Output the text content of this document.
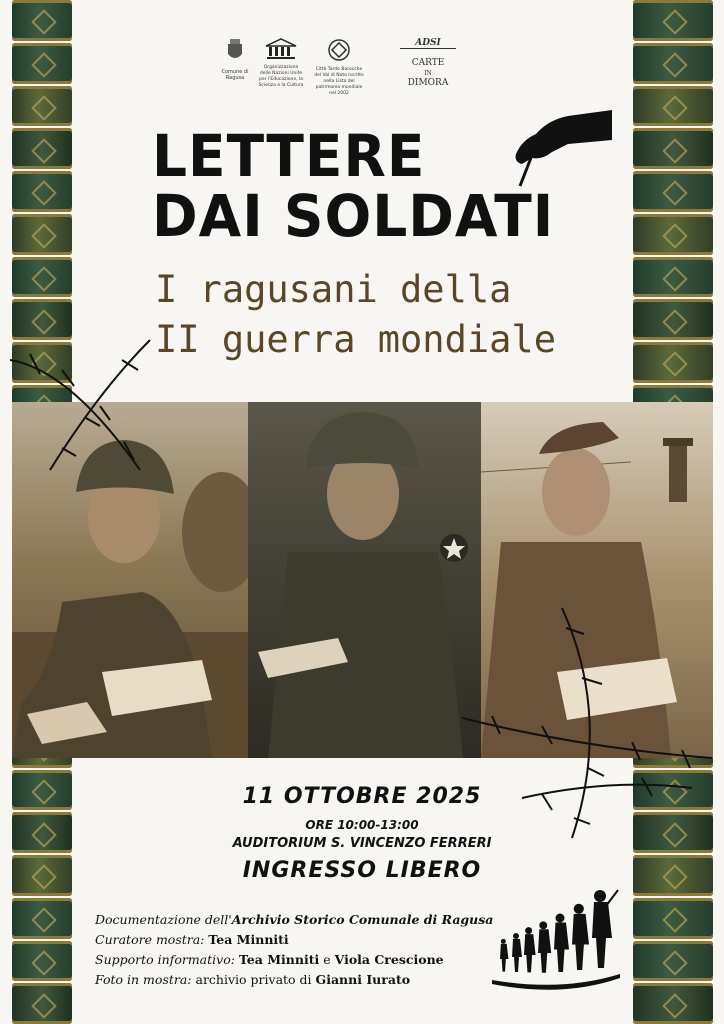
Comune di Ragusa
Organizzazione delle Nazioni Unite per l'Educazione, la Scienza e la Cultura
Città Tardo Barocche del Val di Noto iscritte nella Lista del patrimonio mondiale nel 2002
ADSI
CARTE
IN
DIMORA
LETTERE
DAI SOLDATI
I ragusani della
II guerra mondiale
11 OTTOBRE 2025
ORE 10:00-13:00
AUDITORIUM S. VINCENZO FERRERI
INGRESSO LIBERO
Documentazione dell'Archivio Storico Comunale di Ragusa
Curatore mostra: Tea Minniti
Supporto informativo: Tea Minniti e Viola Crescione
Foto in mostra: archivio privato di Gianni Iurato
